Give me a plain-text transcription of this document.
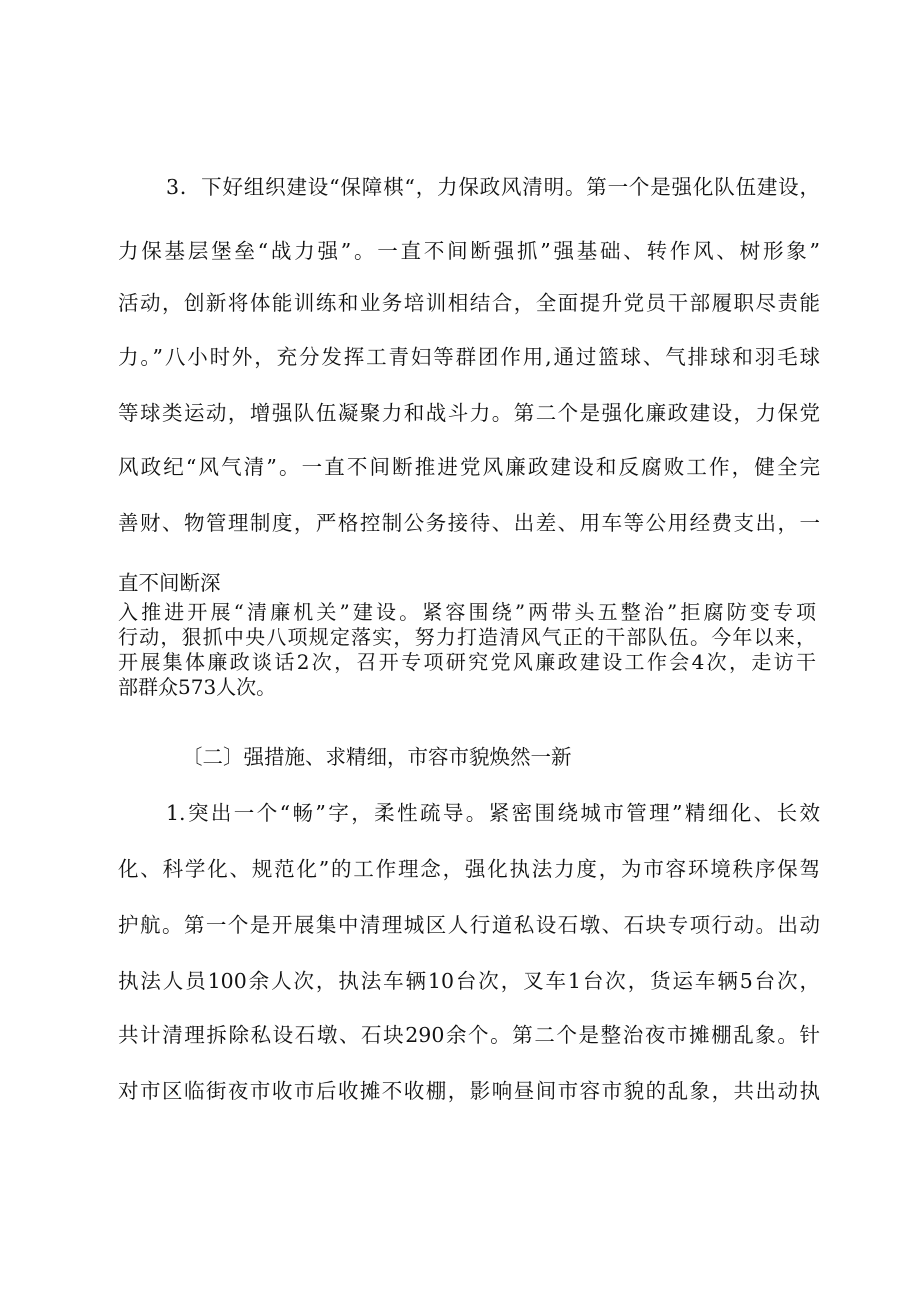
3．下好组织建设“保障棋“，力保政风清明。第一个是强化队伍建设，
力保基层堡垒“战力强”。一直不间断强抓”强基础、转作风、树形象”
活动，创新将体能训练和业务培训相结合，全面提升党员干部履职尽责能
力。”八小时外，充分发挥工青妇等群团作用,通过篮球、气排球和羽毛球
等球类运动，增强队伍凝聚力和战斗力。第二个是强化廉政建设，力保党
风政纪“风气清”。一直不间断推进党风廉政建设和反腐败工作，健全完
善财、物管理制度，严格控制公务接待、出差、用车等公用经费支出，一
直不间断深
入推进开展“清廉机关”建设。紧容围绕”两带头五整治”拒腐防变专项
行动，狠抓中央八项规定落实，努力打造清风气正的干部队伍。今年以来，
开展集体廉政谈话2次，召开专项研究党风廉政建设工作会4次，走访干
部群众573人次。
〔二〕强措施、求精细，市容市貌焕然一新
1.突出一个“畅”字，柔性疏导。紧密围绕城市管理”精细化、长效
化、科学化、规范化”的工作理念，强化执法力度，为市容环境秩序保驾
护航。第一个是开展集中清理城区人行道私设石墩、石块专项行动。出动
执法人员100余人次，执法车辆10台次，叉车1台次，货运车辆5台次，
共计清理拆除私设石墩、石块290余个。第二个是整治夜市摊棚乱象。针
对市区临街夜市收市后收摊不收棚，影响昼间市容市貌的乱象，共出动执
